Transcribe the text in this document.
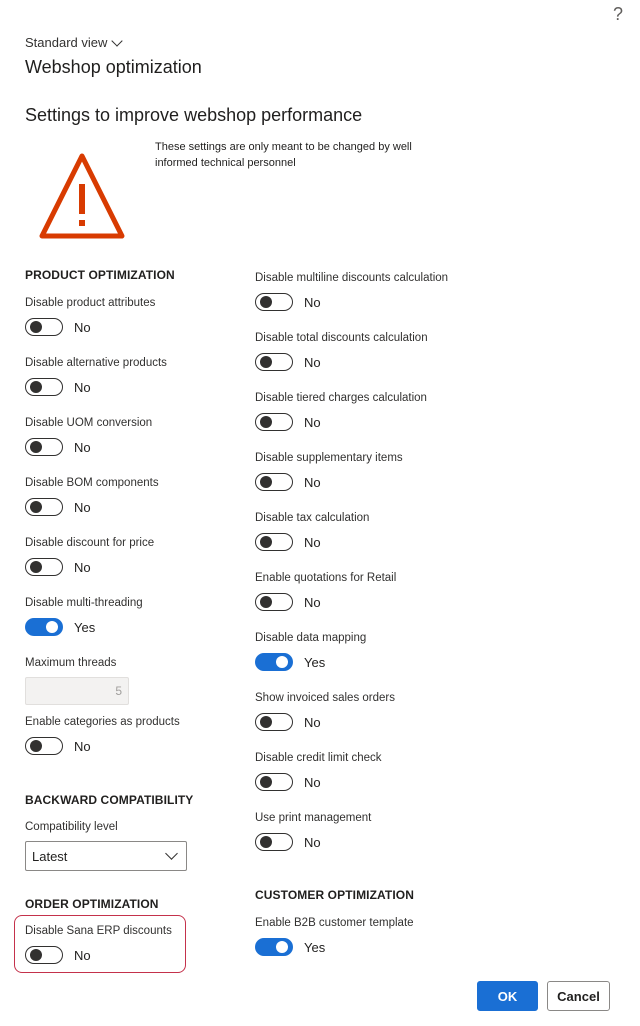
?
Standard view
Webshop optimization
Settings to improve webshop performance
These settings are only meant to be changed by well informed technical personnel
PRODUCT OPTIMIZATION
Disable product attributes
No
Disable alternative products
No
Disable UOM conversion
No
Disable BOM components
No
Disable discount for price
No
Disable multi-threading
Yes
Maximum threads
5
Enable categories as products
No
BACKWARD COMPATIBILITY
Compatibility level
Latest
ORDER OPTIMIZATION
Disable Sana ERP discounts
No
Disable multiline discounts calculation
No
Disable total discounts calculation
No
Disable tiered charges calculation
No
Disable supplementary items
No
Disable tax calculation
No
Enable quotations for Retail
No
Disable data mapping
Yes
Show invoiced sales orders
No
Disable credit limit check
No
Use print management
No
CUSTOMER OPTIMIZATION
Enable B2B customer template
Yes
OK	Cancel
